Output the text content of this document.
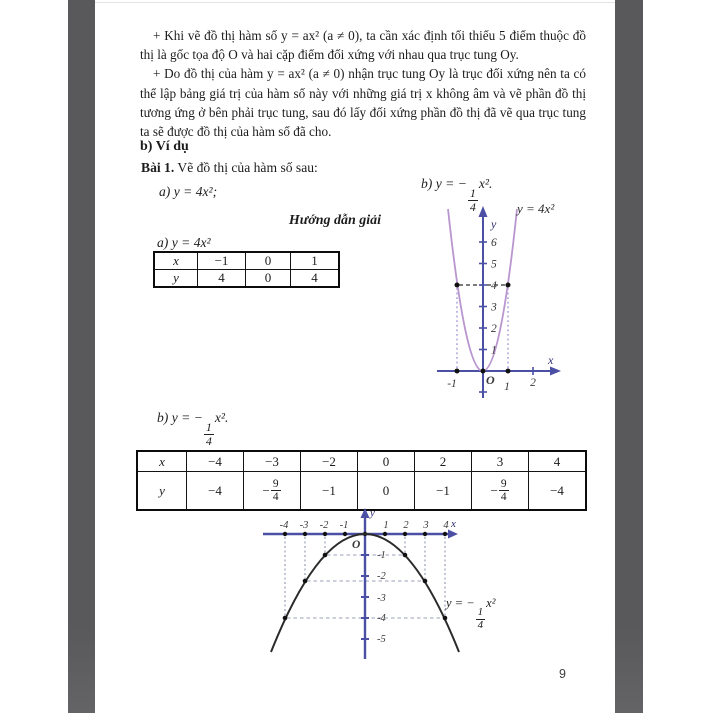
+ Khi vẽ đồ thị hàm số y = ax² (a ≠ 0), ta cần xác định tối thiểu 5 điểm thuộc đồ thị là gốc tọa độ O và hai cặp điểm đối xứng với nhau qua trục tung Oy.

+ Do đồ thị của hàm y = ax² (a ≠ 0) nhận trục tung Oy là trục đối xứng nên ta có thể lập bảng giá trị của hàm số này với những giá trị x không âm và vẽ phần đồ thị tương ứng ở bên phải trục tung, sau đó lấy đối xứng phần đồ thị đã vẽ qua trục tung ta sẽ được đồ thị của hàm số đã cho.

b) Ví dụ
Bài 1. Vẽ đồ thị của hàm số sau:
a) y = 4x²;
b) y = −
$\frac{1}{4}$
x².
Hướng dẫn giải
a) y = 4x²
x	−1	0	1
y	4	0	4
y
x
O
6
5
4
3
2
1
-1	1 2
y = 4x²
b) y = −
$\frac{1}{4}$
x².
x	−4	−3	−2	0	2	3	4
y	−4	− $\frac{9}{4}$	−1	0	−1	− $\frac{9}{4}$	−4
y
x
O
-4 -3 -2 -1	1 2 3 4
-1
-2
-3
-4
-5
y = −
$\frac{1}{4}$
x²
9
